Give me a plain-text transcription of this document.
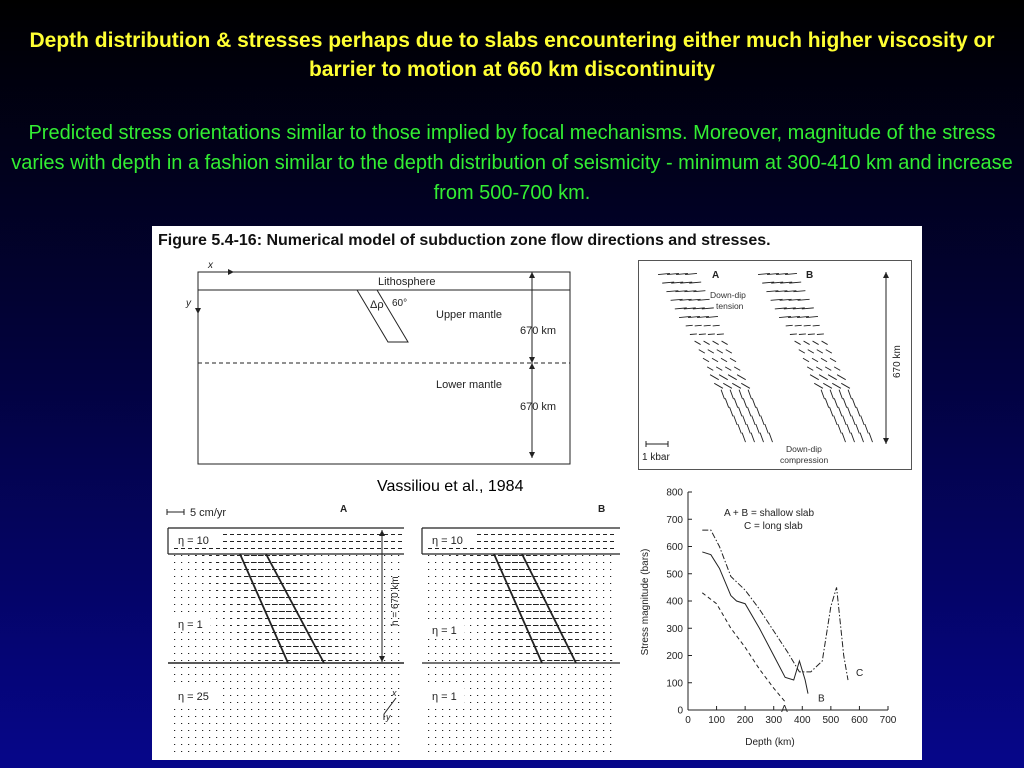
Depth distribution & stresses perhaps due to slabs encountering either much higher viscosity or barrier to motion at 660 km discontinuity
Predicted stress orientations similar to those implied by focal mechanisms. Moreover, magnitude of the stress varies with depth in a fashion similar to the depth distribution of seismicity - minimum at 300-410 km and increase from 500-700 km.
Figure 5.4-16: Numerical model of subduction zone flow directions and stresses.
x
y
Lithosphere
Upper mantle
Lower mantle
670 km
670 km
Δρ 60°
A	B
Down-dip
tension
Down-dip
compression
670 km
1 kbar
Vassiliou et al., 1984
5 cm/yr	A
η = 10
η = 1
η = 25
h = 670 km
x
y
B
η = 10
η = 1
η = 1
0
100
200
300
400
500
600
700
800
0 100 200 300 400 500 600 700
A
B
C
A + B = shallow slab
C = long slab
Stress magnitude (bars)
Depth (km)
